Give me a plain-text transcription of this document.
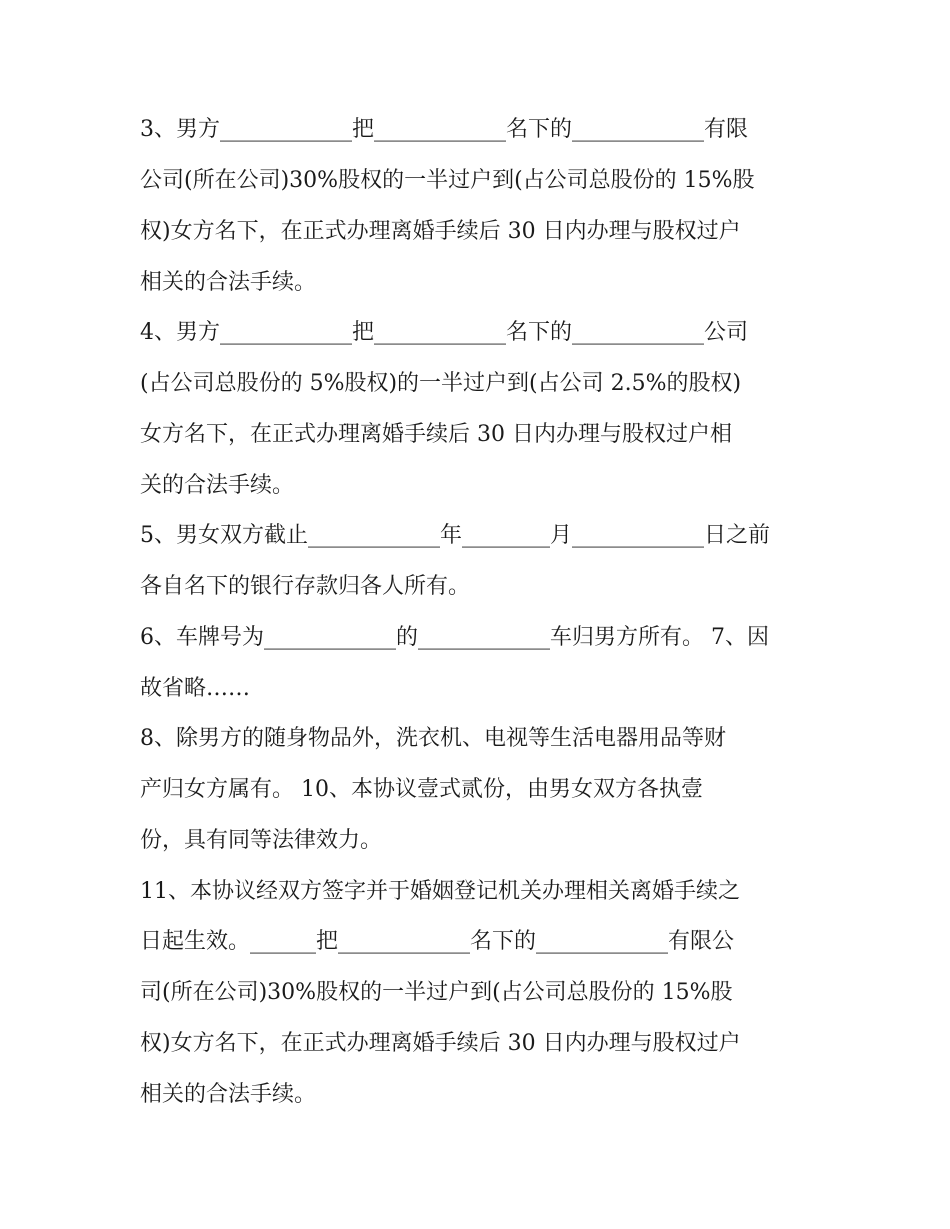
3、男方____________把____________名下的____________有限
公司(所在公司)30%股权的一半过户到(占公司总股份的 15%股
权)女方名下，在正式办理离婚手续后 30 日内办理与股权过户
相关的合法手续。
4、男方____________把____________名下的____________公司
(占公司总股份的 5%股权)的一半过户到(占公司 2.5%的股权)
女方名下，在正式办理离婚手续后 30 日内办理与股权过户相
关的合法手续。
5、男女双方截止____________年________月____________日之前
各自名下的银行存款归各人所有。
6、车牌号为____________的____________车归男方所有。 7、因
故省略……
8、除男方的随身物品外，洗衣机、电视等生活电器用品等财
产归女方属有。 10、本协议壹式贰份，由男女双方各执壹
份，具有同等法律效力。
11、本协议经双方签字并于婚姻登记机关办理相关离婚手续之
日起生效。______把____________名下的____________有限公
司(所在公司)30%股权的一半过户到(占公司总股份的 15%股
权)女方名下，在正式办理离婚手续后 30 日内办理与股权过户
相关的合法手续。
